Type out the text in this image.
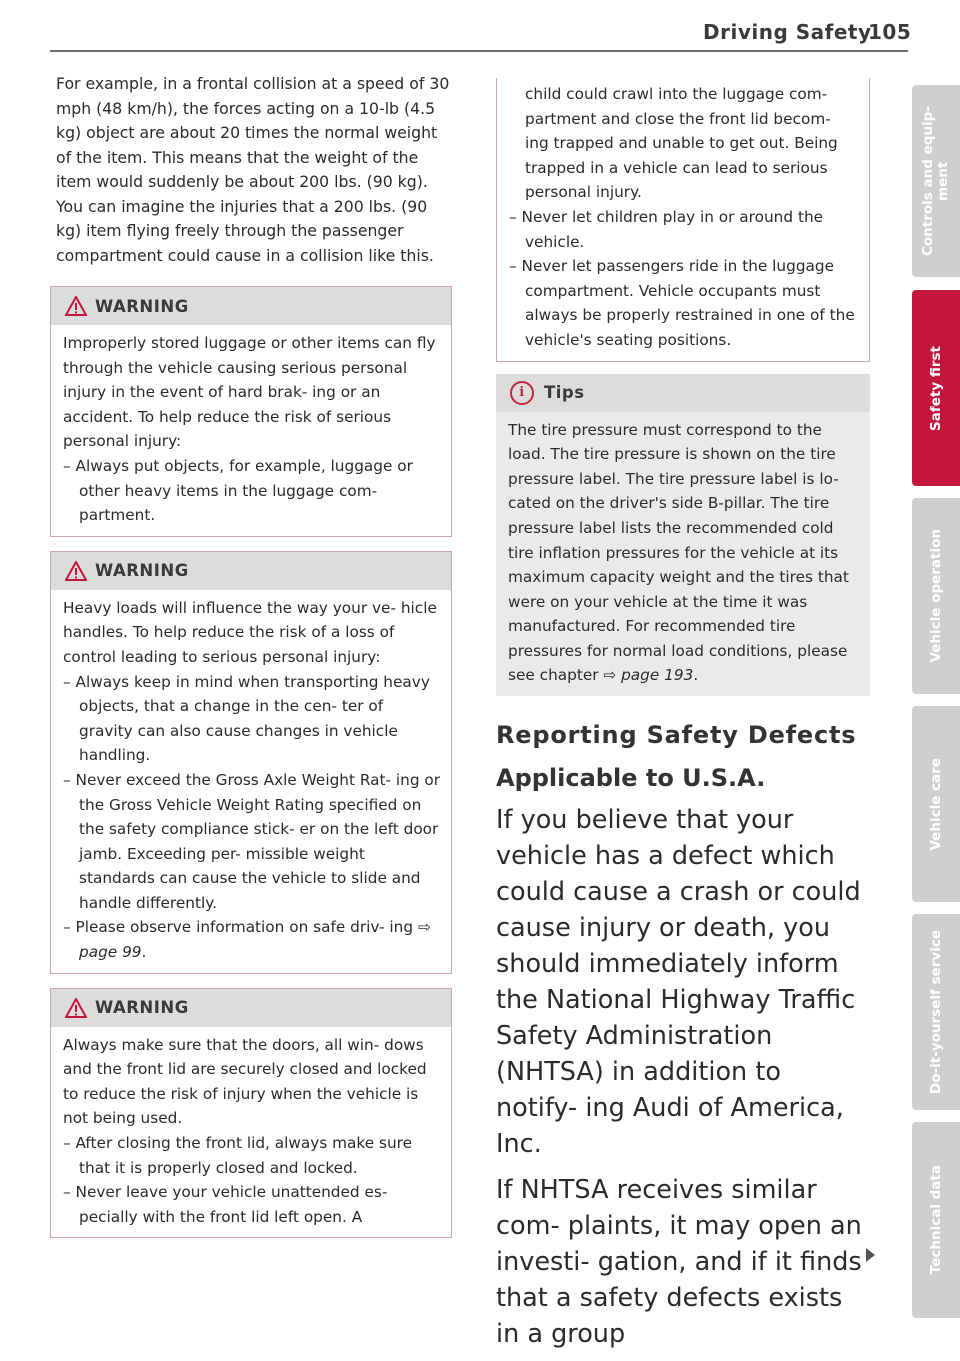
Driving Safety
105

For example, in a frontal collision at a speed of 30 mph (48 km/h), the forces acting on a 10-lb (4.5 kg) object are about 20 times the normal weight of the item. This means that the weight of the item would suddenly be about 200 lbs. (90 kg). You can imagine the injuries that a 200 lbs. (90 kg) item flying freely through the passenger compartment could cause in a collision like this.

WARNING

Improperly stored luggage or other items can fly through the vehicle causing serious personal injury in the event of hard brak- ing or an accident. To help reduce the risk of serious personal injury:

– Always put objects, for example, luggage or other heavy items in the luggage com- partment.

WARNING

Heavy loads will influence the way your ve- hicle handles. To help reduce the risk of a loss of control leading to serious personal injury:

– Always keep in mind when transporting heavy objects, that a change in the cen- ter of gravity can also cause changes in vehicle handling.

– Never exceed the Gross Axle Weight Rat- ing or the Gross Vehicle Weight Rating specified on the safety compliance stick- er on the left door jamb. Exceeding per- missible weight standards can cause the vehicle to slide and handle differently.

– Please observe information on safe driv- ing ⇨ page 99.

WARNING

Always make sure that the doors, all win- dows and the front lid are securely closed and locked to reduce the risk of injury when the vehicle is not being used.

– After closing the front lid, always make sure that it is properly closed and locked.

– Never leave your vehicle unattended es- pecially with the front lid left open. A

child could crawl into the luggage com- partment and close the front lid becom- ing trapped and unable to get out. Being trapped in a vehicle can lead to serious personal injury.

– Never let children play in or around the vehicle.

– Never let passengers ride in the luggage compartment. Vehicle occupants must always be properly restrained in one of the vehicle's seating positions.

i	Tips

The tire pressure must correspond to the load. The tire pressure is shown on the tire pressure label. The tire pressure label is lo- cated on the driver's side B-pillar. The tire pressure label lists the recommended cold tire inflation pressures for the vehicle at its maximum capacity weight and the tires that were on your vehicle at the time it was manufactured. For recommended tire pressures for normal load conditions, please see chapter ⇨ page 193.

Reporting Safety Defects
Applicable to U.S.A.

If you believe that your vehicle has a defect which could cause a crash or could cause injury or death, you should immediately inform the National Highway Traffic Safety Administration (NHTSA) in addition to notify- ing Audi of America, Inc.

If NHTSA receives similar com- plaints, it may open an investi- gation, and if it finds that a safety defects exists in a group

Controls and equip- ment
Safety first
Vehicle operation
Vehicle care
Do-it-yourself service
Technical data
